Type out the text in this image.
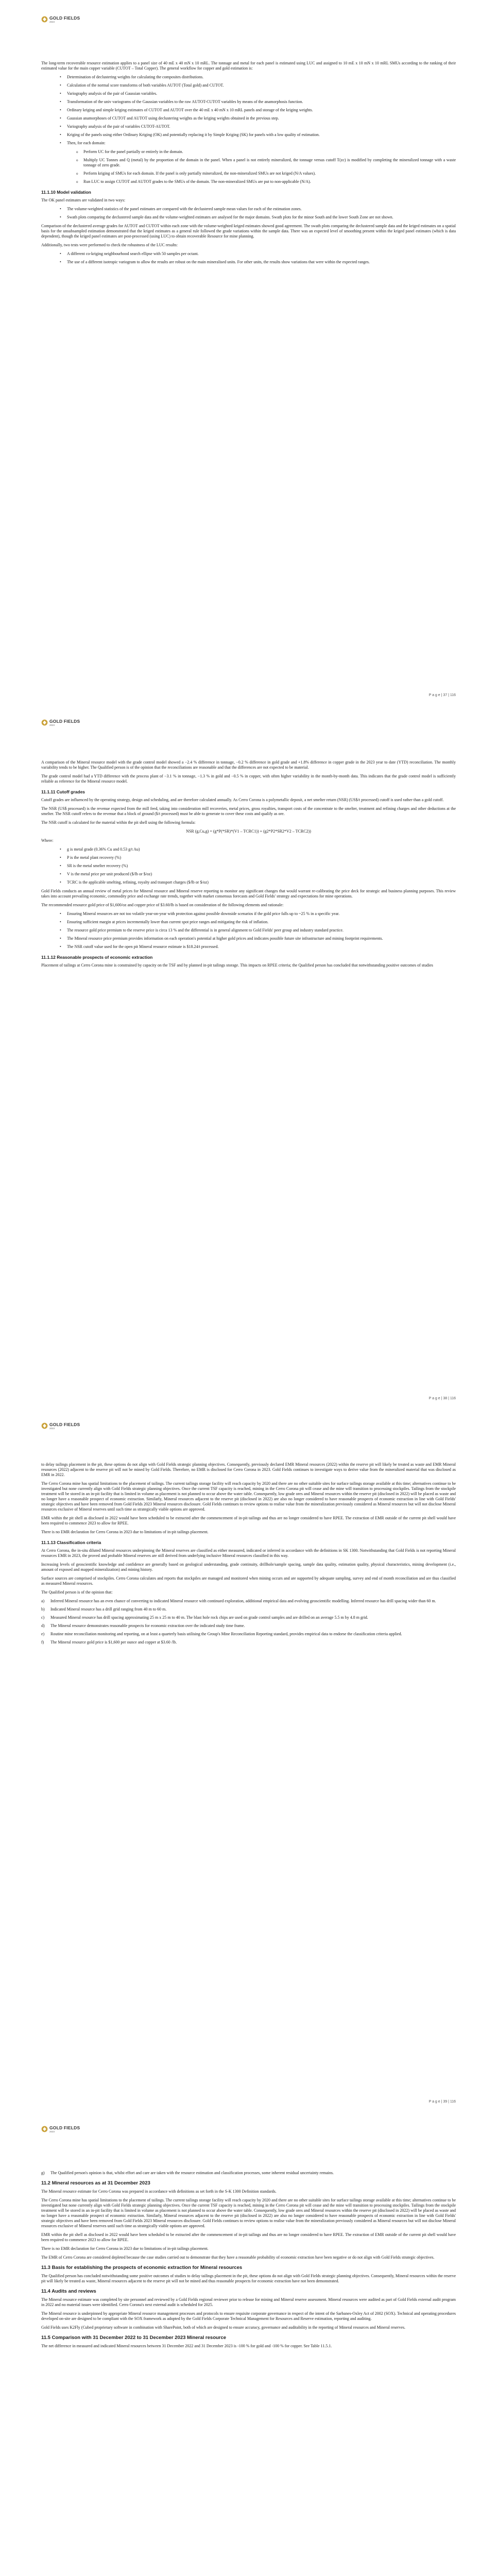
GOLD FIELDS
2023

The long-term recoverable resource estimation applies to a panel size of 40 mE x 40 mN x 10 mRL. The tonnage and metal for each panel is estimated using LUC and assigned to 10 mE x 10 mN x 10 mRL SMUs according to the ranking of their estimated value for the main copper variable (CUTOT – Total Copper). The general workflow for copper and gold estimation is:

• Determination of declustering weights for calculating the composites distributions.
• Calculation of the normal score transforms of both variables AUTOT (Total gold) and CUTOT.
• Variography analysis of the pair of Gaussian variables.
• Transformation of the univ variograms of the Gaussian variables to the raw AUTOT-CUTOT variables by means of the anamorphosis function.
• Ordinary kriging and simple kriging estimates of CUTOT and AUTOT over the 40 mE x 40 mN x 10 mRL panels and storage of the kriging weights.
• Gaussian anamorphoses of CUTOT and AUTOT using declustering weights as the kriging weights obtained in the previous step.
• Variography analysis of the pair of variables CUTOT-AUTOT.
• Kriging of the panels using either Ordinary Kriging (OK) and potentially replacing it by Simple Kriging (SK) for panels with a low quality of estimation.
• Then, for each domain:
o Perform UC for the panel partially or entirely in the domain.
o Multiply UC Tonnes and Q (metal) by the proportion of the domain in the panel. When a panel is not entirely mineralized, the tonnage versus cutoff T(zc) is modified by completing the mineralized tonnage with a waste tonnage of zero grade.
o Perform kriging of SMUs for each domain. If the panel is only partially mineralized, the non-mineralized SMUs are not kriged (N/A values).
o Run LUC to assign CUTOT and AUTOT grades to the SMUs of the domain. The non-mineralized SMUs are put to non-applicable (N/A).
11.1.10 Model validation

The OK panel estimates are validated in two ways:

• The volume-weighted statistics of the panel estimates are compared with the declustered sample mean values for each of the estimation zones.
• Swath plots comparing the declustered sample data and the volume-weighted estimates are analysed for the major domains. Swath plots for the minor South and the lower South Zone are not shown.

Comparison of the declustered average grades for AUTOT and CUTOT within each zone with the volume-weighted kriged estimates showed good agreement. The swath plots comparing the declustered sample data and the kriged estimates on a spatial basis for the unsubsampled estimation demonstrated that the kriged estimates as a general rule followed the grade variations within the sample data. There was an expected level of smoothing present within the kriged panel estimates (which is data dependent), though the kriged panel estimates are post-processed (using LUC) to obtain recoverable Resource for mine planning.

Additionally, two tests were performed to check the robustness of the LUC results:

• A different co-kriging neighbourhood search ellipse with 50 samples per octant.
• The use of a different isotropic variogram to allow the results are robust on the main mineralised units. For other units, the results show variations that were within the expected ranges.
P a g e | 37 | 116
GOLD FIELDS
2023

A comparison of the Mineral resource model with the grade control model showed a −2.4 % difference in tonnage, −0.2 % difference in gold grade and +1.8% difference in copper grade in the 2023 year to date (YTD) reconciliation. The monthly variability tends to be higher. The Qualified person is of the opinion that the reconciliations are reasonable and that the differences are not expected to be material.

The grade control model had a YTD difference with the process plant of −3.1 % in tonnage, −1.3 % in gold and −0.5 % in copper, with often higher variability in the month-by-month data. This indicates that the grade control model is sufficiently reliable as reference for the Mineral resource model.

11.1.11 Cutoff grades

Cutoff grades are influenced by the operating strategy, design and scheduling, and are therefore calculated annually. As Cerro Corona is a polymetallic deposit, a net smelter return (NSR) (US$/t processed) cutoff is used rather than a gold cutoff.

The NSR (US$ processed) is the revenue expected from the mill feed, taking into consideration mill recoveries, metal prices, gross royalties, transport costs of the concentrate to the smelter, treatment and refining charges and other deductions at the smelter. The NSR cutoff refers to the revenue that a block of ground ($/t processed) must be able to generate to cover these costs and qualify as ore.

The NSR cutoff is calculated for the material within the pit shell using the following formula:

NSR (g,Cu,g) = (g*P(*SR)*(V1 – TCRC1)) + (g2*P2*SR2*V2 – TCRC2))

Where:

• g is metal grade (0.36% Cu and 0.53 g/t Au)
• P is the metal plant recovery (%)
• SR is the metal smelter recovery (%)
• V is the metal price per unit produced ($/lb or $/oz)
• TCRC is the applicable smelting, refining, royalty and transport charges ($/lb or $/oz)

Gold Fields conducts an annual review of metal prices for Mineral resource and Mineral reserve reporting to monitor any significant changes that would warrant re-calibrating the price deck for strategic and business planning purposes. This review takes into account prevailing economic, commodity price and exchange rate trends, together with market consensus forecasts and Gold Fields' strategy and expectations for mine operations.

The recommended resource gold price of $1,600/oz and copper price of $3.60/lb is based on consideration of the following elements and rationale:

• Ensuring Mineral resources are not too volatile year-on-year with protection against possible downside scenarios if the gold price falls up to ~25 % in a specific year.
• Ensuring sufficient margin at prices incrementally lower than current spot price ranges and mitigating the risk of inflation.
• The resource gold price premium to the reserve price is circa 13 % and the differential is in general alignment to Gold Fields' peer group and industry standard practice.
• The Mineral resource price premium provides information on each operation's potential at higher gold prices and indicates possible future site infrastructure and mining footprint requirements.
• The NSR cutoff value used for the open pit Mineral resource estimate is $18.24/t processed.
11.1.12 Reasonable prospects of economic extraction

Placement of tailings at Cerro Corona mine is constrained by capacity on the TSF and by planned in-pit tailings storage. This impacts on RPEE criteria; the Qualified person has concluded that notwithstanding positive outcomes of studies

P a g e | 38 | 116
GOLD FIELDS
2023

to delay tailings placement in the pit, these options do not align with Gold Fields strategic planning objectives. Consequently, previously declared EMR Mineral resources (2022) within the reserve pit will likely be treated as waste and EMR Mineral resources (2022) adjacent to the reserve pit will not be mined by Gold Fields. Therefore, no EMR is disclosed for Cerro Corona in 2023. Gold Fields continues to investigate ways to derive value from the mineralized material that was disclosed as EMR in 2022.

The Cerro Corona mine has spatial limitations to the placement of tailings. The current tailings storage facility will reach capacity by 2020 and there are no other suitable sites for surface tailings storage available at this time; alternatives continue to be investigated but none currently align with Gold Fields strategic planning objectives. Once the current TSF capacity is reached, mining in the Cerro Corona pit will cease and the mine will transition to processing stockpiles. Tailings from the stockpile treatment will be stored in an in-pit facility that is limited in volume as placement is not planned to occur above the water table. Consequently, low grade ores and Mineral resources within the reserve pit (disclosed in 2022) will be placed as waste and no longer have a reasonable prospect of economic extraction. Similarly, Mineral resources adjacent to the reserve pit (disclosed in 2022) are also no longer considered to have reasonable prospects of economic extraction in line with Gold Fields' strategic objectives and have been removed from Gold Fields 2023 Mineral resources disclosure. Gold Fields continues to review options to realise value from the mineralization previously considered as Mineral resources but will not disclose Mineral resources exclusive of Mineral reserves until such time as strategically viable options are approved.

EMR within the pit shell as disclosed in 2022 would have been scheduled to be extracted after the commencement of in-pit tailings and thus are no longer considered to have RPEE. The extraction of EMR outside of the current pit shell would have been required to commence 2023 to allow for RPEE.

There is no EMR declaration for Cerro Corona in 2023 due to limitations of in-pit tailings placement.

11.1.13 Classification criteria

At Cerro Corona, the in-situ diluted Mineral resources underpinning the Mineral reserves are classified as either measured, indicated or inferred in accordance with the definitions in SK 1300. Notwithstanding that Gold Fields is not reporting Mineral resources EMR in 2023, the proved and probable Mineral reserves are still derived from underlying inclusive Mineral resources classified in this way.

Increasing levels of geoscientific knowledge and confidence are generally based on geological understanding, grade continuity, drillhole/sample spacing, sample data quality, estimation quality, physical characteristics, mining development (i.e., amount of exposed and mapped mineralization) and mining history.

Surface sources are comprised of stockpiles. Cerro Corona calculates and reports that stockpiles are managed and monitored when mining occurs and are supported by adequate sampling, survey and end of month reconciliation and are thus classified as measured Mineral resources.

The Qualified person is of the opinion that:

a) Inferred Mineral resource has an even chance of converting to indicated Mineral resource with continued exploration, additional empirical data and evolving geoscientific modelling. Inferred resource has drill spacing wider than 60 m.
b) Indicated Mineral resource has a drill grid ranging from 40 m to 60 m.
c) Measured Mineral resource has drill spacing approximating 25 m x 25 m to 40 m. The blast hole rock chips are used on grade control samples and are drilled on an average 5.5 m by 4.8 m grid.
d) The Mineral resource demonstrates reasonable prospects for economic extraction over the indicated study time frame.
e) Routine mine reconciliation monitoring and reporting, on at least a quarterly basis utilising the Group's Mine Reconciliation Reporting standard, provides empirical data to endorse the classification criteria applied.
f) The Mineral resource gold price is $1,600 per ounce and copper at $3.60 /lb.
P a g e | 39 | 116
GOLD FIELDS
2023
g) The Qualified person's opinion is that, whilst effort and care are taken with the resource estimation and classification processes, some inherent residual uncertainty remains.
11.2 Mineral resources as at 31 December 2023

The Mineral resource estimate for Cerro Corona was prepared in accordance with definitions as set forth in the S-K 1300 Definition standards.

The Cerro Corona mine has spatial limitations to the placement of tailings. The current tailings storage facility will reach capacity by 2020 and there are no other suitable sites for surface tailings storage available at this time; alternatives continue to be investigated but none currently align with Gold Fields strategic planning objectives. Once the current TSF capacity is reached, mining in the Cerro Corona pit will cease and the mine will transition to processing stockpiles. Tailings from the stockpile treatment will be stored in an in-pit facility that is limited in volume as placement is not planned to occur above the water table. Consequently, low grade ores and Mineral resources within the reserve pit (disclosed in 2022) will be placed as waste and no longer have a reasonable prospect of economic extraction. Similarly, Mineral resources adjacent to the reserve pit (disclosed in 2022) are also no longer considered to have reasonable prospects of economic extraction in line with Gold Fields' strategic objectives and have been removed from Gold Fields 2023 Mineral resources disclosure. Gold Fields continues to review options to realise value from the mineralization previously considered as Mineral resources but will not disclose Mineral resources exclusive of Mineral reserves until such time as strategically viable options are approved.

EMR within the pit shell as disclosed in 2022 would have been scheduled to be extracted after the commencement of in-pit tailings and thus are no longer considered to have RPEE. The extraction of EMR outside of the current pit shell would have been required to commence 2023 to allow for RPEE.

There is no EMR declaration for Cerro Corona in 2023 due to limitations of in-pit tailings placement.

The EMR of Cerro Corona are considered depleted because the case studies carried out to demonstrate that they have a reasonable probability of economic extraction have been negative or do not align with Gold Fields strategic objectives.

11.3 Basis for establishing the prospects of economic extraction for Mineral resources

The Qualified person has concluded notwithstanding some positive outcomes of studies to delay tailings placement in the pit, these options do not align with Gold Fields strategic planning objectives. Consequently, Mineral resources within the reserve pit will likely be treated as waste, Mineral resources adjacent to the reserve pit will not be mined and thus reasonable prospects for economic extraction have not been demonstrated.

11.4 Audits and reviews

The Mineral resource estimate was completed by site personnel and reviewed by a Gold Fields regional reviewer prior to release for mining and Mineral reserve assessment. Mineral resources were audited as part of Gold Fields external audit program in 2022 and no material issues were identified. Cerro Corona's next external audit is scheduled for 2025.

The Mineral resource is underpinned by appropriate Mineral resource management processes and protocols to ensure requisite corporate governance in respect of the intent of the Sarbanes-Oxley Act of 2002 (SOX). Technical and operating procedures developed on-site are designed to be compliant with the SOX framework as adopted by the Gold Fields Corporate Technical Management for Resources and Reserve estimation, reporting and auditing.

Gold Fields uses K2Fly (Cubed proprietary software in combination with SharePoint, both of which are designed to ensure accuracy, governance and auditability in the reporting of Mineral resources and Mineral reserves.

11.5 Comparison with 31 December 2022 to 31 December 2023 Mineral resource

The net difference in measured and indicated Mineral resources between 31 December 2022 and 31 December 2023 is -100 % for gold and -100 % for copper. See Table 11.5.1.
